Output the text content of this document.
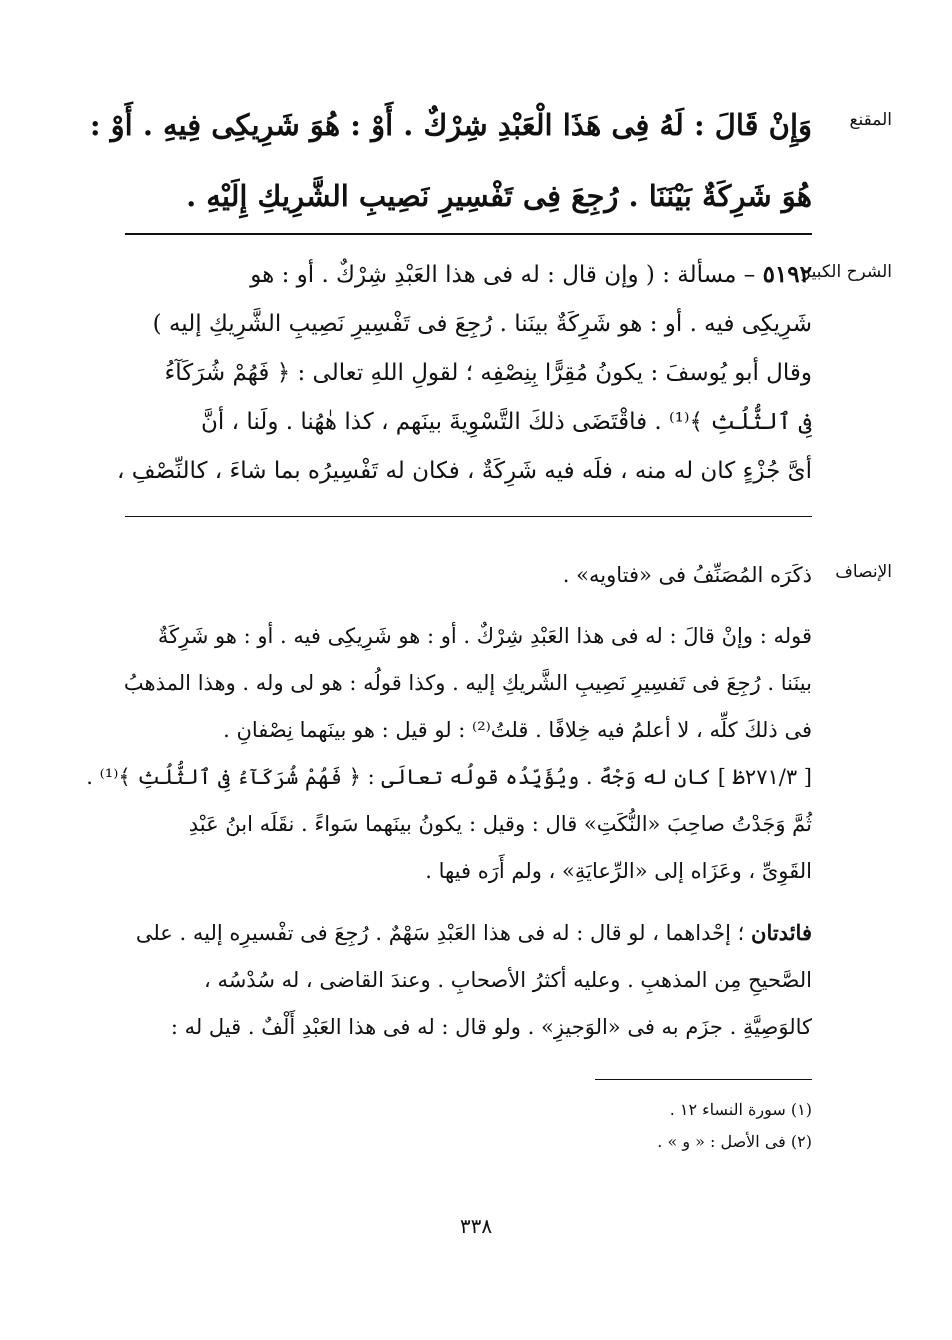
المقنع
وَإِنْ قَالَ : لَهُ فِى هَذَا الْعَبْدِ شِرْكٌ . أَوْ : هُوَ شَرِيكِى فِيهِ . أَوْ :
هُوَ شَرِكَةٌ بَيْنَنَا . رُجِعَ فِى تَفْسِيرِ نَصِيبِ الشَّرِيكِ إِلَيْهِ .
الشرح الكبير
٥١٩٢ – مسألة : ( وإن قال : له فى هذا العَبْدِ شِرْكٌ . أو : هو
شَرِيكِى فيه . أو : هو شَرِكَةٌ بينَنا . رُجِعَ فى تَفْسِيرِ نَصِيبِ الشَّرِيكِ إليه )
وقال أبو يُوسفَ : يكونُ مُقِرًّا بِنِصْفِه ؛ لقولِ اللهِ تعالى : ﴿ فَهُمْ شُرَكَآءُ
فِى ٱلثُّلُثِ ﴾⁽¹⁾ . فاقْتَضَى ذلكَ التَّسْوِيةَ بينَهم ، كذا هٰهُنا . ولَنا ، أنَّ
أىَّ جُزْءٍ كان له منه ، فلَه فيه شَرِكَةٌ ، فكان له تَفْسِيرُه بما شاءَ ، كالنِّصْفِ ،
الإنصاف
ذكَرَه المُصَنِّفُ فى «فتاويه» .
قوله : وإنْ قالَ : له فى هذا العَبْدِ شِرْكٌ . أو : هو شَرِيكِى فيه . أو : هو شَرِكَةٌ
بينَنا . رُجِعَ فى تَفسِيرِ نَصِيبِ الشَّريكِ إليه . وكذا قولُه : هو لى وله . وهذا المذهبُ
فى ذلكَ كلِّه ، لا أعلمُ فيه خِلافًا . قلتُ⁽²⁾ : لو قيل : هو بينَهما نِصْفانِ .
[ ٢٧١/٣ظ ] كان له وَجْهٌ . ويُؤَيِّدُه قولُه تعالَى : ﴿ فَهُمْ شُرَكَآءُ فِى ٱلثُّلُثِ ﴾⁽¹⁾ .
ثُمَّ وَجَدْتُ صاحِبَ «النُّكَتِ» قال : وقيل : يكونُ بينَهما سَواءً . نقَلَه ابنُ عَبْدِ
القَوِىِّ ، وعَزَاه إلى «الرِّعايَةِ» ، ولم أَرَه فيها .
فائدتان ؛ إحْداهما ، لو قال : له فى هذا العَبْدِ سَهْمٌ . رُجِعَ فى تفْسيرِه إليه . على
الصَّحيحِ مِن المذهبِ . وعليه أكثرُ الأصحابِ . وعندَ القاضى ، له سُدْسُه ،
كالوَصِيَّةِ . جزَم به فى «الوَجيزِ» . ولو قال : له فى هذا العَبْدِ أَلْفٌ . قيل له :
(١) سورة النساء ١٢ .
(٢) فى الأصل : « و » .
٣٣٨
